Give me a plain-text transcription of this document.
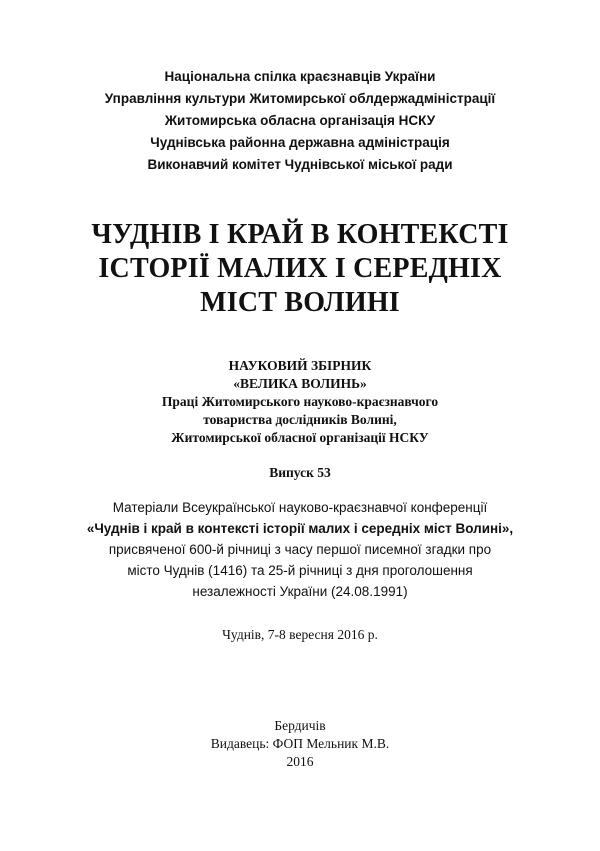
Національна спілка краєзнавців України
Управління культури Житомирської облдержадміністрації
Житомирська обласна організація НСКУ
Чуднівська районна державна адміністрація
Виконавчий комітет Чуднівської міської ради
ЧУДНІВ І КРАЙ В КОНТЕКСТІ
ІСТОРІЇ МАЛИХ І СЕРЕДНІХ
МІСТ ВОЛИНІ
НАУКОВИЙ ЗБІРНИК
«ВЕЛИКА ВОЛИНЬ»
Праці Житомирського науково-краєзнавчого
товариства дослідників Волині,
Житомирської обласної організації НСКУ
Випуск 53
Матеріали Всеукраїнської науково-краєзнавчої конференції
«Чуднів і край в контексті історії малих і середніх міст Волині»,
присвяченої 600-й річниці з часу першої писемної згадки про
місто Чуднів (1416) та 25-й річниці з дня проголошення
незалежності України (24.08.1991)
Чуднів, 7-8 вересня 2016 р.
Бердичів
Видавець: ФОП Мельник М.В.
2016
